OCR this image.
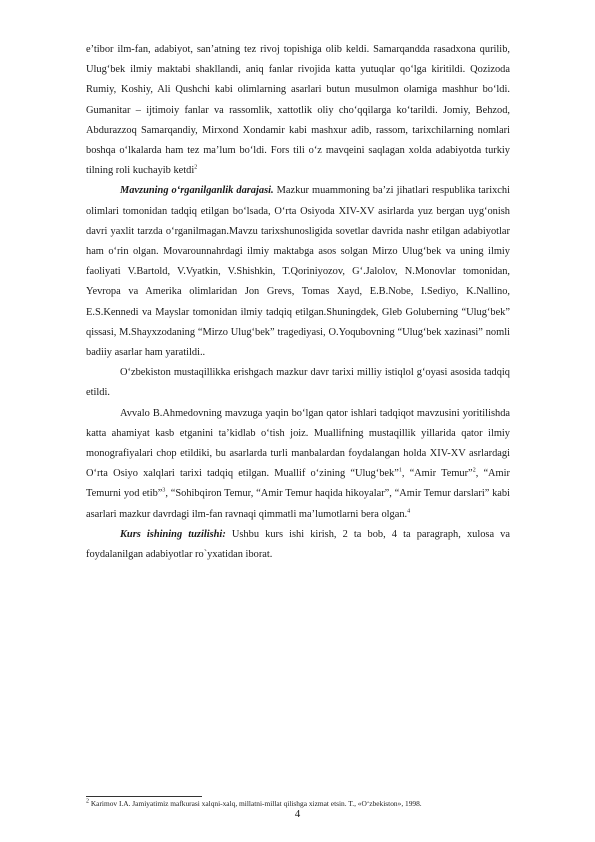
e’tibor ilm-fan, adabiyot, san’atning tez rivoj topishiga olib keldi. Samarqandda rasadxona qurilib, Ulug‘bek ilmiy maktabi shakllandi, aniq fanlar rivojida katta yutuqlar qo‘lga kiritildi. Qozizoda Rumiy, Koshiy, Ali Qushchi kabi olimlarning asarlari butun musulmon olamiga mashhur bo‘ldi. Gumanitar – ijtimoiy fanlar va rassomlik, xattotlik oliy cho‘qqilarga ko‘tarildi. Jomiy, Behzod, Abdurazzoq Samarqandiy, Mirxond Xondamir kabi mashxur adib, rassom, tarixchilarning nomlari boshqa o‘lkalarda ham tez ma’lum bo‘ldi. Fors tili o‘z mavqeini saqlagan xolda adabiyotda turkiy tilning roli kuchayib ketdi$^2$

Mavzuning o‘rganilganlik darajasi. Mazkur muammoning ba’zi jihatlari respublika tarixchi olimlari tomonidan tadqiq etilgan bo‘lsada, O‘rta Osiyoda XIV-XV asirlarda yuz bergan uyg‘onish davri yaxlit tarzda o‘rganilmagan.Mavzu tarixshunosligida sovetlar davrida nashr etilgan adabiyotlar ham o‘rin olgan. Movarounnahrdagi ilmiy maktabga asos solgan Mirzo Ulug‘bek va uning ilmiy faoliyati V.Bartold, V.Vyatkin, V.Shishkin, T.Qoriniyozov, G‘.Jalolov, N.Monovlar tomonidan, Yevropa va Amerika olimlaridan Jon Grevs, Tomas Xayd, E.B.Nobe, I.Sediyo, K.Nallino, E.S.Kennedi va Mayslar tomonidan ilmiy tadqiq etilgan.Shuningdek, Gleb Goluberning “Ulug‘bek” qissasi, M.Shayxzodaning “Mirzo Ulug‘bek” tragediyasi, O.Yoqubovning “Ulug‘bek xazinasi” nomli badiiy asarlar ham yaratildi..

O‘zbekiston mustaqillikka erishgach mazkur davr tarixi milliy istiqlol g‘oyasi asosida tadqiq etildi.

Avvalo B.Ahmedovning mavzuga yaqin bo‘lgan qator ishlari tadqiqot mavzusini yoritilishda katta ahamiyat kasb etganini ta’kidlab o‘tish joiz. Muallifning mustaqillik yillarida qator ilmiy monografiyalari chop etildiki, bu asarlarda turli manbalardan foydalangan holda XIV-XV asrlardagi O‘rta Osiyo xalqlari tarixi tadqiq etilgan. Muallif o‘zining “Ulug‘bek”$^1$, “Amir Temur”$^2$, “Amir Temurni yod etib”$^3$, “Sohibqiron Temur, “Amir Temur haqida hikoyalar”, “Amir Temur darslari” kabi asarlari mazkur davrdagi ilm-fan ravnaqi qimmatli ma’lumotlarni bera olgan.$^4$

Kurs ishining tuzilishi: Ushbu kurs ishi kirish, 2 ta bob, 4 ta paragraph, xulosa va foydalanilgan adabiyotlar ro`yxatidan iborat.

$^2$ Karimov I.A. Jamiyatimiz mafkurasi xalqni-xalq, millatni-millat qilishga xizmat etsin. T., «O‘zbekiston», 1998.

4
